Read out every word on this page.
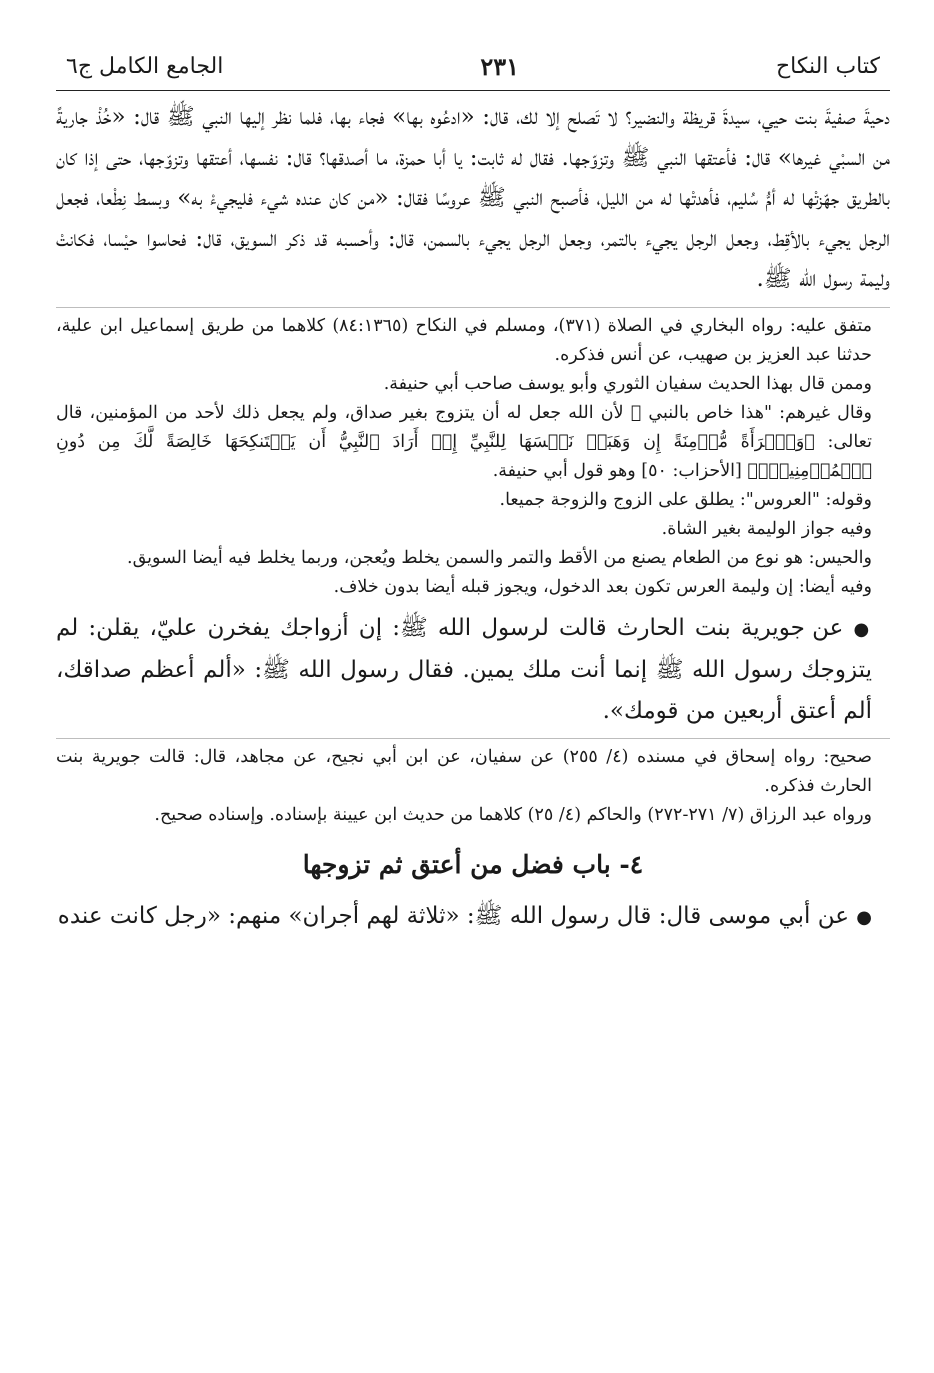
كتاب النكاح
٢٣١
الجامع الكامل ج٦

دحيةَ صفيةَ بنت حيي، سيدةَ قريظة والنضير؟ لا تَصلح إلا لك، قال: «ادعُوه بها» فجاء بها، فلما نظر إليها النبي ﷺ قال: «خُذْ جاريةً من السبْي غيرها» قال: فأعتقها النبي ﷺ وتزوّجها. فقال له ثابت: يا أبا حمزة، ما أصدقها؟ قال: نفسها، أعتقها وتزوّجها، حتى إذا كان بالطريق جهّزتْها له أمُّ سُليم، فأهدتْها له من الليل، فأصبح النبي ﷺ عروسًا فقال: «من كان عنده شيء فليجيءْ به» وبسط نِطْعا، فجعل الرجل يجيء بالأقِط، وجعل الرجل يجيء بالتمر، وجعل الرجل يجيء بالسمن، قال: وأحسبه قد ذكر السويق، قال: فحاسوا حيْسا، فكانتْ وليمة رسول الله ﷺ.

متفق عليه: رواه البخاري في الصلاة (٣٧١)، ومسلم في النكاح (٨٤:١٣٦٥) كلاهما من طريق إسماعيل ابن علية، حدثنا عبد العزيز بن صهيب، عن أنس فذكره.

وممن قال بهذا الحديث سفيان الثوري وأبو يوسف صاحب أبي حنيفة.

وقال غيرهم: "هذا خاص بالنبي ﷺ لأن الله جعل له أن يتزوج بغير صداق، ولم يجعل ذلك لأحد من المؤمنين، قال تعالى: ﴿وَٱمۡرَأَةً مُّؤۡمِنَةً إِن وَهَبَتۡ نَفۡسَهَا لِلنَّبِيِّ إِنۡ أَرَادَ ٱلنَّبِيُّ أَن يَسۡتَنكِحَهَا خَالِصَةً لَّكَ مِن دُونِ ٱلۡمُؤۡمِنِينَۗ﴾ [الأحزاب: ٥٠] وهو قول أبي حنيفة.

وقوله: "العروس": يطلق على الزوج والزوجة جميعا.

وفيه جواز الوليمة بغير الشاة.

والحيس: هو نوع من الطعام يصنع من الأقط والتمر والسمن يخلط ويُعجن، وربما يخلط فيه أيضا السويق.

وفيه أيضا: إن وليمة العرس تكون بعد الدخول، ويجوز قبله أيضا بدون خلاف.

● عن جويرية بنت الحارث قالت لرسول الله ﷺ: إن أزواجك يفخرن عليّ، يقلن: لم يتزوجك رسول الله ﷺ إنما أنت ملك يمين. فقال رسول الله ﷺ: «ألم أعظم صداقك، ألم أعتق أربعين من قومك».

صحيح: رواه إسحاق في مسنده (٤/ ٢٥٥) عن سفيان، عن ابن أبي نجيح، عن مجاهد، قال: قالت جويرية بنت الحارث فذكره.

ورواه عبد الرزاق (٧/ ٢٧١-٢٧٢) والحاكم (٤/ ٢٥) كلاهما من حديث ابن عيينة بإسناده. وإسناده صحيح.

٤- باب فضل من أعتق ثم تزوجها

● عن أبي موسى قال: قال رسول الله ﷺ: «ثلاثة لهم أجران» منهم: «رجل كانت عنده
